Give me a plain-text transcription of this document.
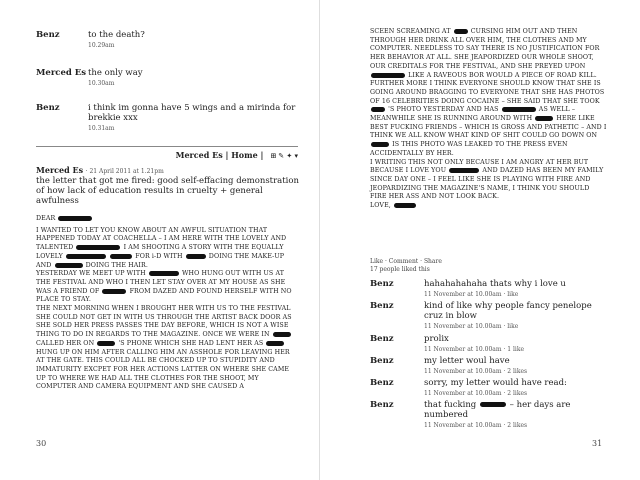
Benz	to the death?
10.29am
Merced Es the only way
10.30am
Benz	i think im gonna have 5 wings and a mirinda for brekkie xxx
10.31am
Merced Es | Home | ⊞ ✎ ✦ ▾
Merced Es · 21 April 2011 at 1.21pm
the letter that got me fired: good self-effacing demonstration of how lack of education results in cruelty + general awfulness

DEAR

I WANTED TO LET YOU KNOW ABOUT AN AWFUL SITUATION THAT HAPPENED TODAY AT COACHELLA – I AM HERE WITH THE LOVELY AND TALENTED	I AM SHOOTING A STORY WITH THE EQUALLY LOVELY	FOR i-D WITH	DOING THE MAKE-UP AND	DOING THE HAIR.

YESTERDAY WE MEET UP WITH	WHO HUNG OUT WITH US AT THE FESTIVAL AND WHO I THEN LET STAY OVER AT MY HOUSE AS SHE WAS A FRIEND OF	FROM DAZED AND FOUND HERSELF WITH NO PLACE TO STAY.

THE NEXT MORNING WHEN I BROUGHT HER WITH US TO THE FESTIVAL SHE COULD NOT GET IN WITH US THROUGH THE ARTIST BACK DOOR AS SHE SOLD HER PRESS PASSES THE DAY BEFORE, WHICH IS NOT A WISE THING TO DO IN REGARDS TO THE MAGAZINE. ONCE WE WERE IN  CALLED HER ON	'S PHONE WHICH SHE HAD LENT HER AS  HUNG UP ON HIM AFTER CALLING HIM AN ASSHOLE FOR LEAVING HER AT THE GATE. THIS COULD ALL BE CHOCKED UP TO STUPIDITY AND IMMATURITY EXCPET FOR HER ACTIONS LATTER ON WHERE SHE CAME UP TO WHERE WE HAD ALL THE CLOTHES FOR THE SHOOT, MY COMPUTER AND CAMERA EQUIPMENT AND SHE CAUSED A

30

SCEEN SCREAMING AT	CURSING HIM OUT AND THEN THROUGH HER DRINK ALL OVER HIM, THE CLOTHES AND MY COMPUTER. NEEDLESS TO SAY THERE IS NO JUSTIFICATION FOR HER BEHAVIOR AT ALL. SHE JEAPORDIZED OUR WHOLE SHOOT, OUR CREDITALS FOR THE FESTIVAL, AND SHE PREYED UPON  LIKE A RAVEOUS BOR WOULD A PIECE OF ROAD KILL. FURTHER MORE I THINK EVERYONE SHOULD KNOW THAT SHE IS GOING AROUND BRAGGING TO EVERYONE THAT SHE HAS PHOTOS OF 16 CELEBRITIES DOING COCAINE – SHE SAID THAT SHE TOOK  'S PHOTO YESTERDAY AND HAS	AS WELL – MEANWHILE SHE IS RUNNING AROUND WITH	HERE LIKE BEST FUCKING FRIENDS – WHICH IS GROSS AND PATHETIC – AND I THINK WE ALL KNOW WHAT KIND OF SHIT COULD GO DOWN ON  IS THIS PHOTO WAS LEAKED TO THE PRESS EVEN ACCIDENTALLY BY HER.

I WRITING THIS NOT ONLY BECAUSE I AM ANGRY AT HER BUT BECAUSE I LOVE YOU	AND DAZED HAS BEEN MY FAMILY SINCE DAY ONE – I FEEL LIKE SHE IS PLAYING WITH FIRE AND JEOPARDIZING THE MAGAZINE'S NAME, I THINK YOU SHOULD FIRE HER ASS AND NOT LOOK BACK.

LOVE,

Like · Comment · Share
17 people liked this
Benz	hahahahahaha thats why i love u
11 November at 10.00am · like
Benz	kind of like why people fancy penelope cruz in blow
11 November at 10.00am · like
Benz	prolix
11 November at 10.00am · 1 like
Benz	my letter woul have
11 November at 10.00am · 2 likes
Benz	sorry, my letter would have read:
11 November at 10.00am · 2 likes
Benz	that fucking	– her days are numbered
11 November at 10.00am · 2 likes
31
